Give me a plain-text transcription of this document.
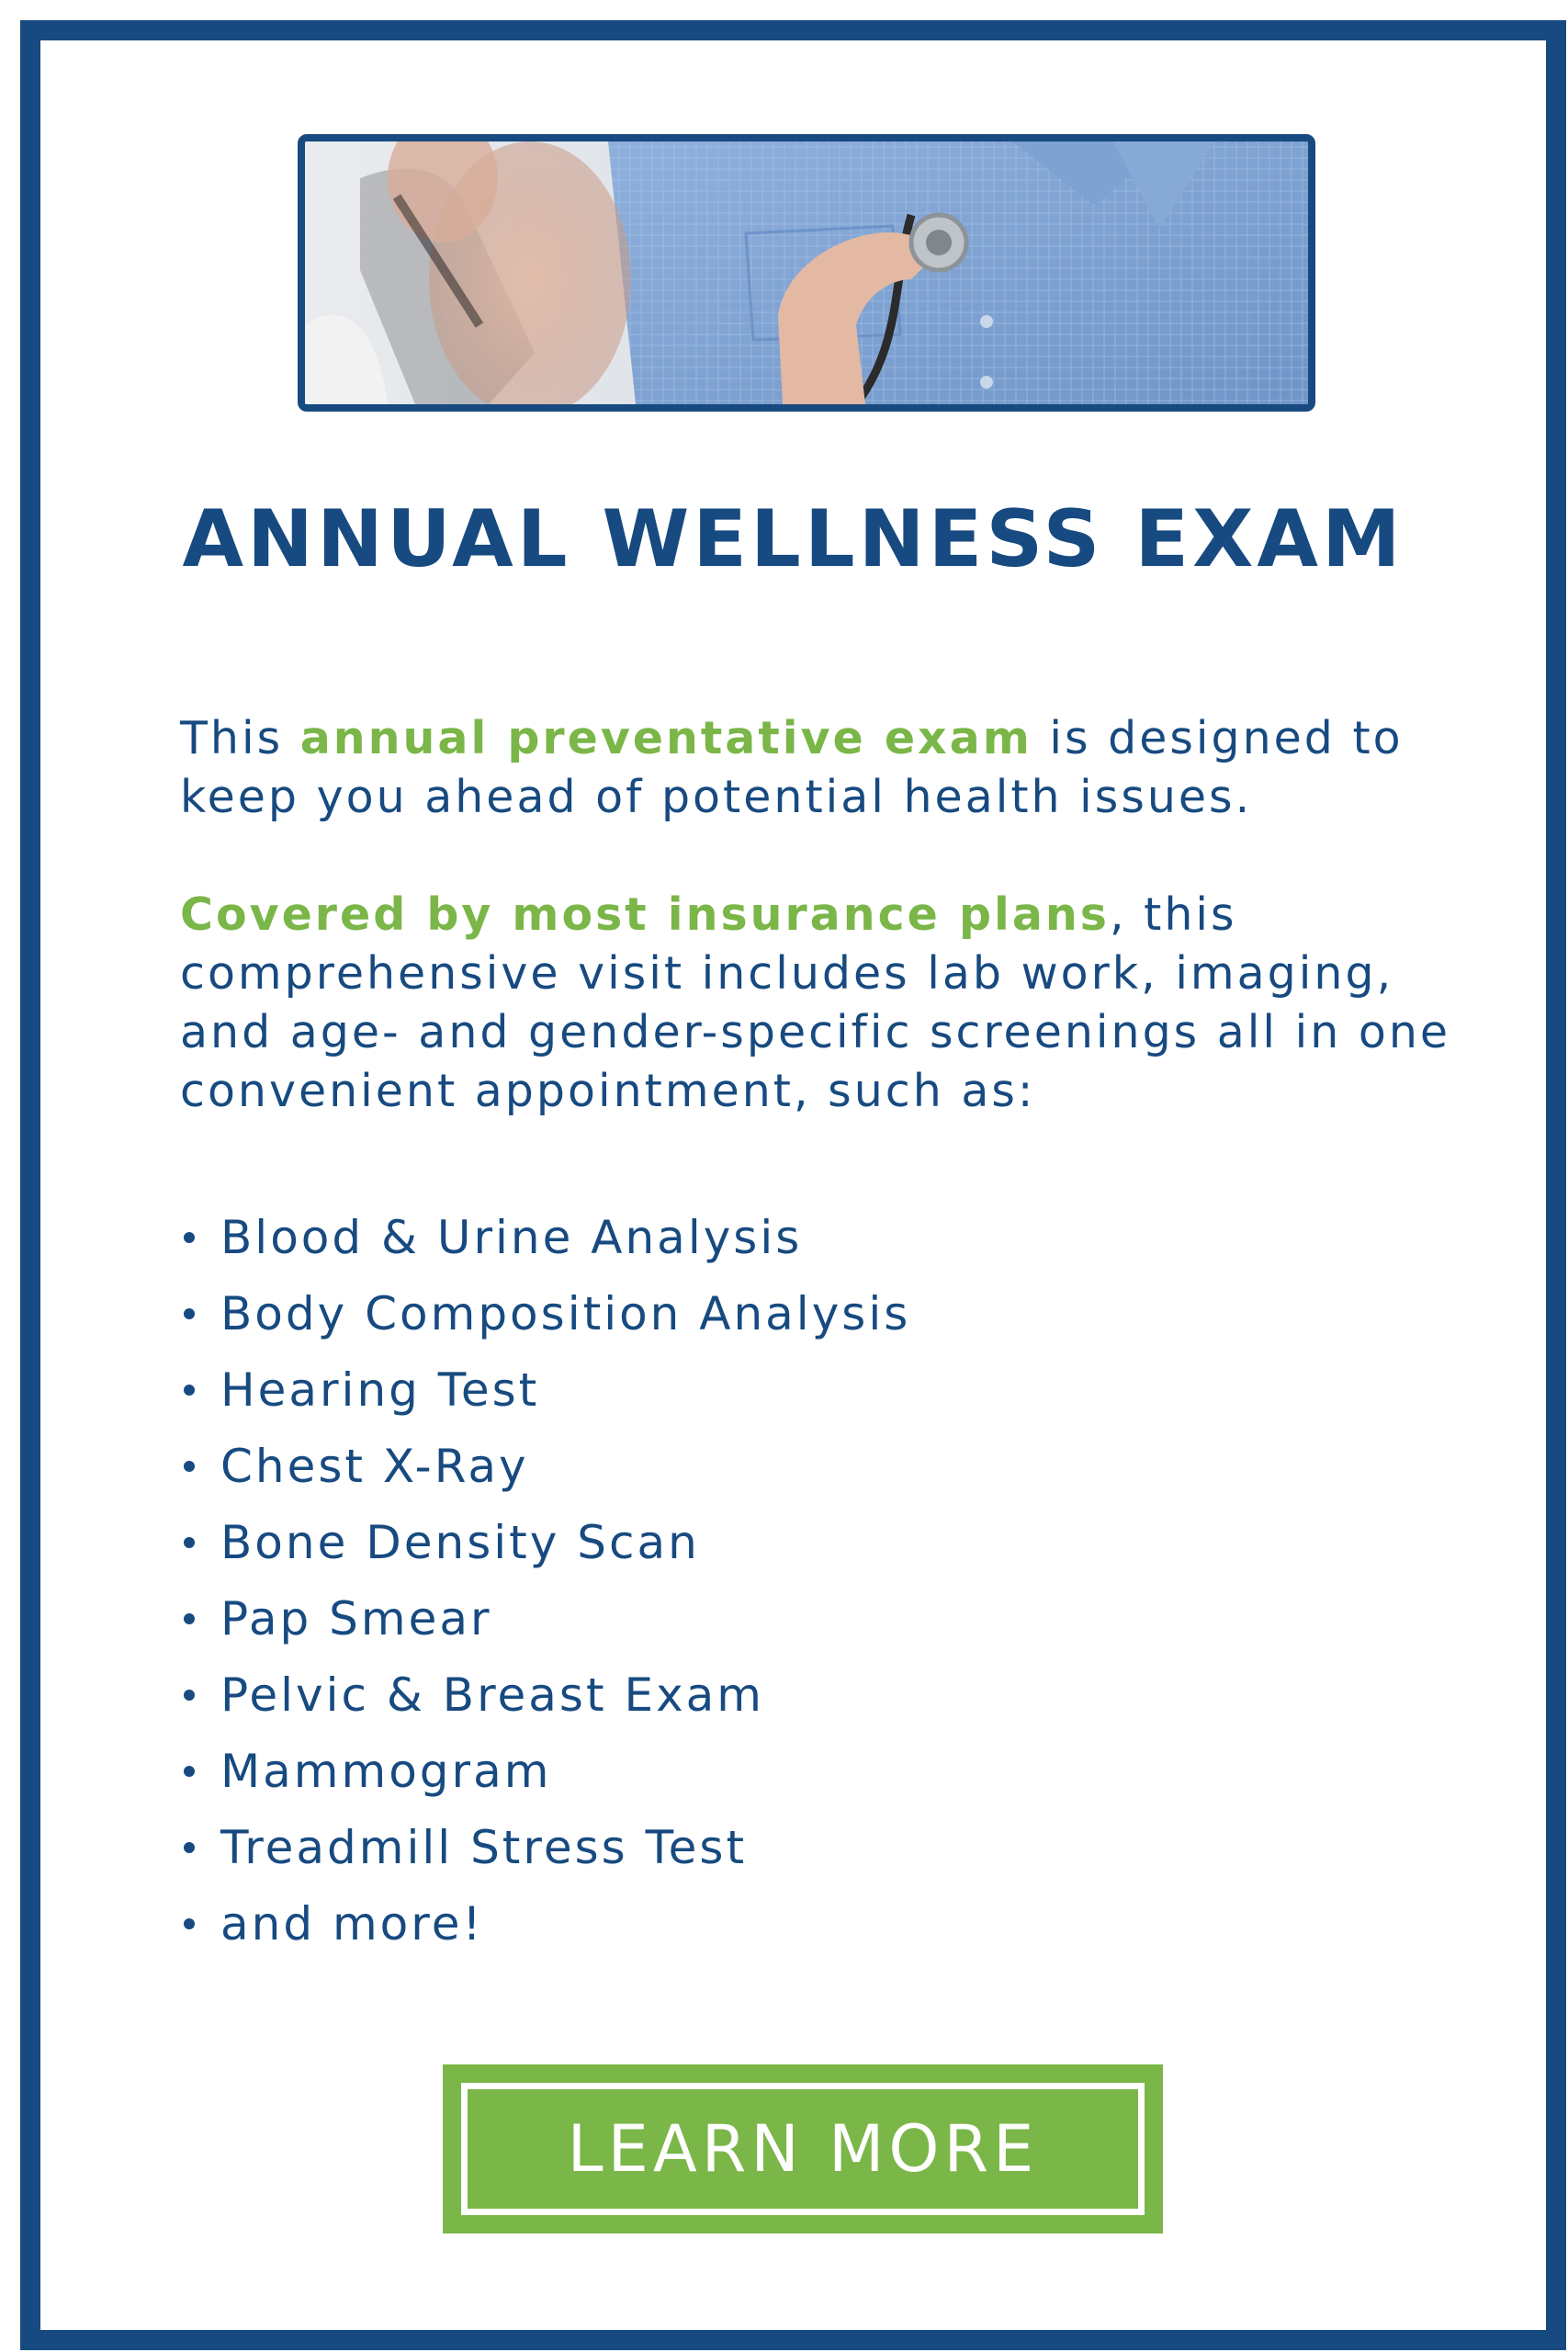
ANNUAL WELLNESS EXAM
This annual preventative exam is designed to keep you ahead of potential health issues.
Covered by most insurance plans, this comprehensive visit includes lab work, imaging, and age- and gender-specific screenings all in one convenient appointment, such as:
Blood & Urine Analysis
Body Composition Analysis
Hearing Test
Chest X-Ray
Bone Density Scan
Pap Smear
Pelvic & Breast Exam
Mammogram
Treadmill Stress Test
and more!
LEARN MORE
